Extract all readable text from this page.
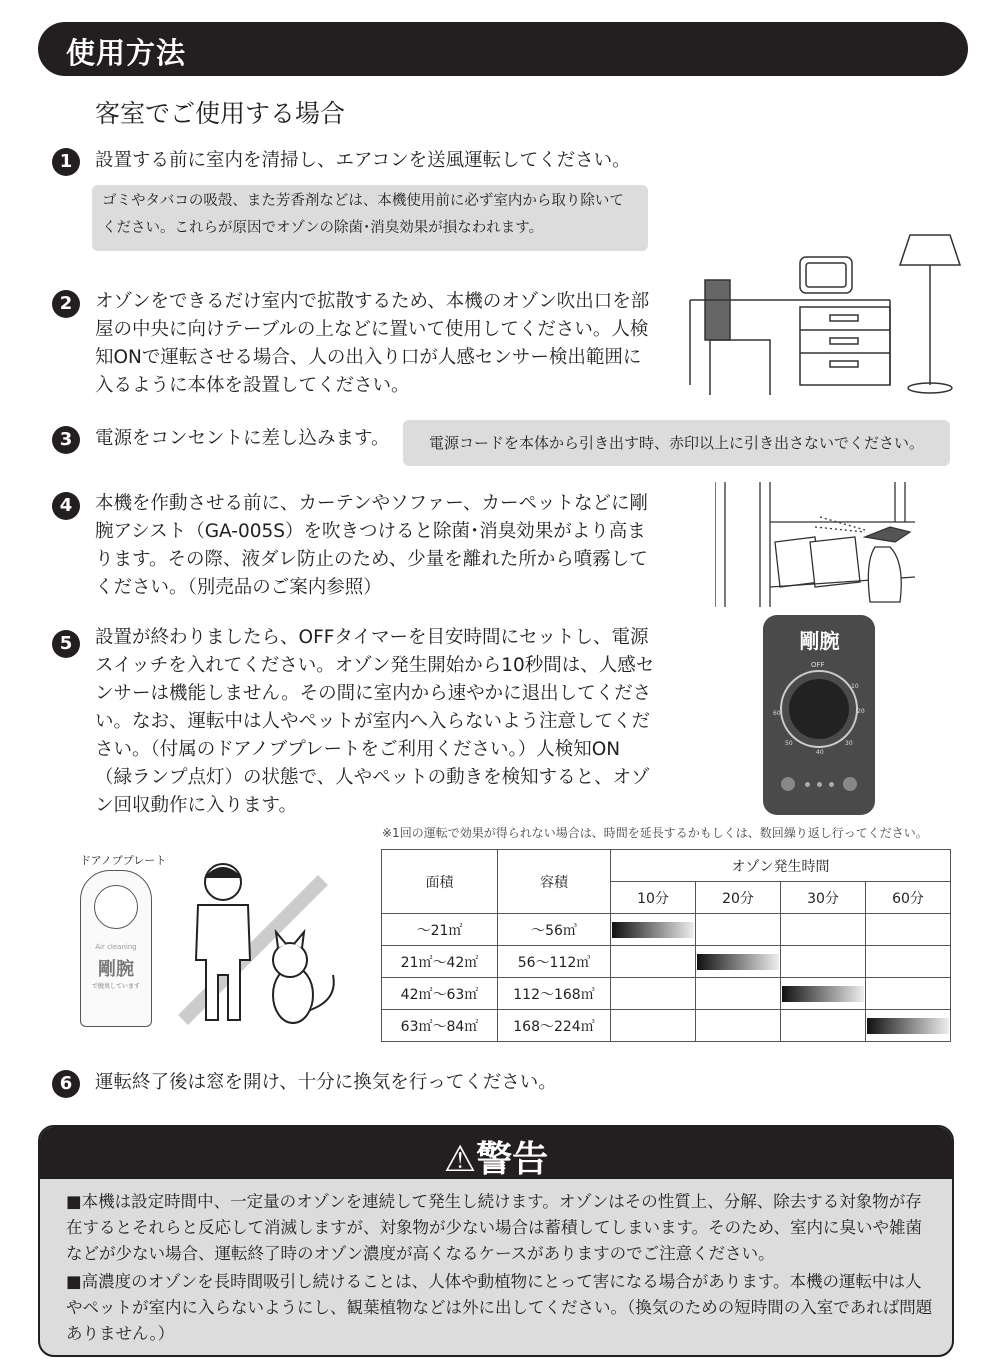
使用方法
客室でご使用する場合
1	設置する前に室内を清掃し、エアコンを送風運転してください。
ゴミやタバコの吸殻、また芳香剤などは、本機使用前に必ず室内から取り除いてください。これらが原因でオゾンの除菌･消臭効果が損なわれます。
2	オゾンをできるだけ室内で拡散するため、本機のオゾン吹出口を部屋の中央に向けテーブルの上などに置いて使用してください。人検知ONで運転させる場合、人の出入り口が人感センサー検出範囲に入るように本体を設置してください。
3	電源をコンセントに差し込みます。	電源コードを本体から引き出す時、赤印以上に引き出さないでください。
4	本機を作動させる前に、カーテンやソファー、カーペットなどに剛腕アシスト（GA-005S）を吹きつけると除菌･消臭効果がより高まります。その際、液ダレ防止のため、少量を離れた所から噴霧してください。（別売品のご案内参照）
5	設置が終わりましたら、OFFタイマーを目安時間にセットし、電源スイッチを入れてください。オゾン発生開始から10秒間は、人感センサーは機能しません。その間に室内から速やかに退出してください。なお、運転中は人やペットが室内へ入らないよう注意してください。（付属のドアノブプレートをご利用ください。）人検知ON（緑ランプ点灯）の状態で、人やペットの動きを検知すると、オゾン回収動作に入ります。
剛腕
OFF
10
20
30
40
50
60
※1回の運転で効果が得られない場合は、時間を延長するかもしくは、数回繰り返し行ってください。
ドアノブプレート
Air cleaning
剛腕
で脱臭しています
面積	容積	オゾン発生時間			
		10分	20分	30分	60分
～21㎡	～56㎥	

21㎡～42㎡	56～112㎥		

42㎡～63㎡	112～168㎥			

63㎡～84㎡	168～224㎥				
6	運転終了後は窓を開け、十分に換気を行ってください。
⚠警告
■本機は設定時間中、一定量のオゾンを連続して発生し続けます。オゾンはその性質上、分解、除去する対象物が存在するとそれらと反応して消滅しますが、対象物が少ない場合は蓄積してしまいます。そのため、室内に臭いや雑菌などが少ない場合、運転終了時のオゾン濃度が高くなるケースがありますのでご注意ください。
■高濃度のオゾンを長時間吸引し続けることは、人体や動植物にとって害になる場合があります。本機の運転中は人やペットが室内に入らないようにし、観葉植物などは外に出してください。（換気のための短時間の入室であれば問題ありません。）
